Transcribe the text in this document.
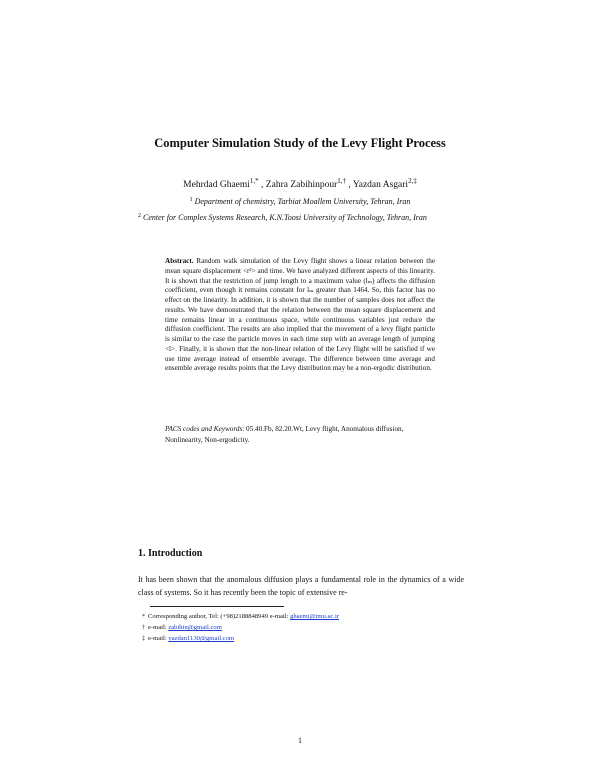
Computer Simulation Study of the Levy Flight Process
Mehrdad Ghaemi$^{1,*}$ , Zahra Zabihinpour$^{1,\dagger}$ , Yazdan Asgari$^{2,\ddagger}$
$^1$ Department of chemistry, Tarbiat Moallem University, Tehran, Iran
$^2$ Center for Complex Systems Research, K.N.Toosi University of Technology, Tehran, Iran
Abstract. Random walk simulation of the Levy flight shows a linear relation between the mean square displacement <r²> and time. We have analyzed different aspects of this linearity. It is shown that the restriction of jump length to a maximum value (lₘ) affects the diffusion coefficient, even though it remains constant for lₘ greater than 1464. So, this factor has no effect on the linearity. In addition, it is shown that the number of samples does not affect the results. We have demonstrated that the relation between the mean square displacement and time remains linear in a continuous space, while continuous variables just reduce the diffusion coefficient. The results are also implied that the movement of a levy flight particle is similar to the case the particle moves in each time step with an average length of jumping <l>. Finally, it is shown that the non-linear relation of the Levy flight will be satisfied if we use time average instead of ensemble average. The difference between time average and ensemble average results points that the Levy distribution may be a non-ergodic distribution.
PACS codes and Keywords: 05.40.Fb, 82.20.Wt, Levy flight, Anomalous diffusion, Nonlinearity, Non-ergodicity.
1. Introduction
It has been shown that the anomalous diffusion plays a fundamental role in the dynamics of a wide class of systems. So it has recently been the topic of extensive re-
* Corresponding author, Tel: (+98)2188848949 e-mail: ghaemi@tmu.ac.ir
† e-mail: zabihin@gmail.com
‡ e-mail: yazdan1130@gmail.com
1
